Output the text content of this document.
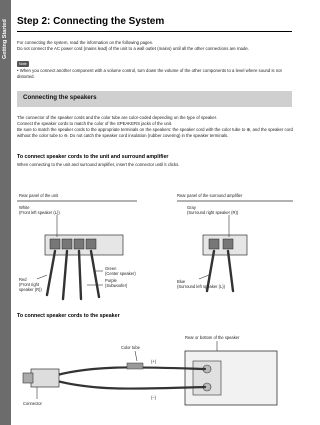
Getting Started Step 2: Connecting the System
For connecting the system, read the information on the following pages.
Do not connect the AC power cord (mains lead) of the unit to a wall outlet (mains) until all the other connections are made.
Note
• When you connect another component with a volume control, turn down the volume of the other components to a level where sound is not distorted.
Connecting the speakers
The connector of the speaker cords and the color tube are color-coded depending on the type of speaker.
Connect the speaker cords to match the color of the SPEAKERS jacks of the unit.
Be sure to match the speaker cords to the appropriate terminals on the speakers: the speaker cord with the color tube to ⊕, and the speaker cord without the color tube to ⊖. Do not catch the speaker cord insulation (rubber covering) in the speaker terminals.
To connect speaker cords to the unit and surround amplifier
When connecting to the unit and surround amplifier, insert the connector until it clicks.
Rear panel of the unit	Rear panel of the surround amplifier
White
(Front left speaker (L))
Gray
(Surround right speaker (R))
Red
(Front right
speaker (R))
Green
(Center speaker)
Purple
(Subwoofer)
Blue
(Surround left speaker (L))
To connect speaker cords to the speaker
Rear or bottom of the speaker
Color tube
(+)
(–)
Connector
